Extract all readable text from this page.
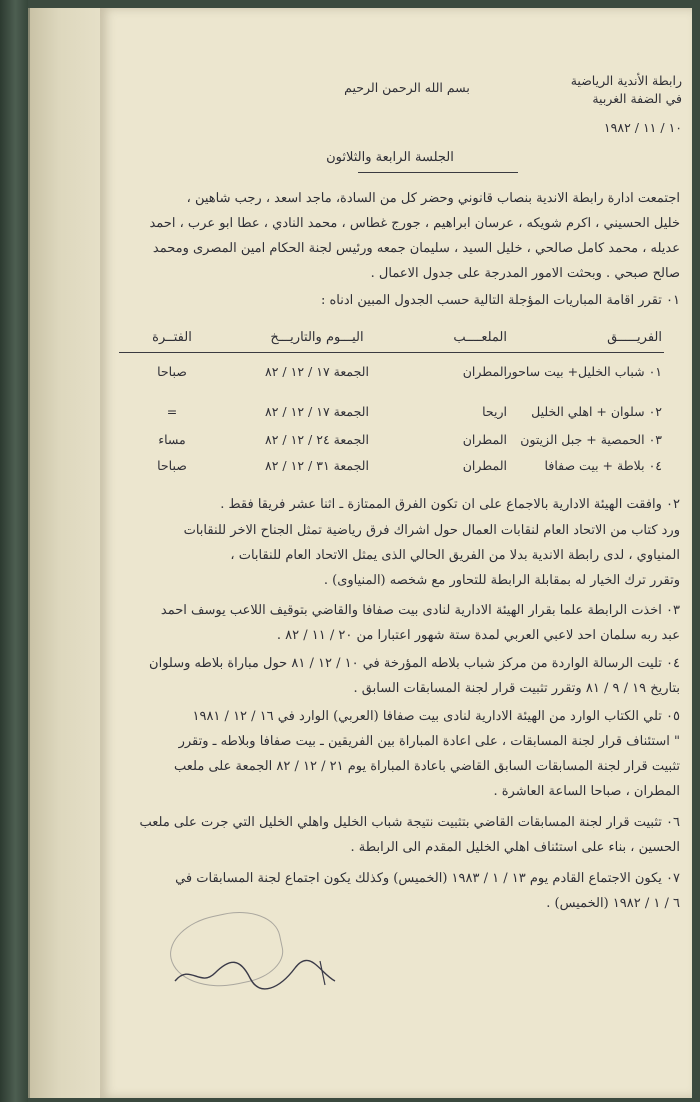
رابطة الأندية الرياضية
في الضفة الغربية
١٠ / ١١ / ١٩٨٢
بسم الله الرحمن الرحيم
الجلسة الرابعة والثلاثون
اجتمعت ادارة رابطة الاندية بنصاب قانوني وحضر كل من السادة، ماجد اسعد ، رجب شاهين ،
خليل الحسيني ، اكرم شويكه ، عرسان ابراهيم ، جورج غطاس ، محمد النادي ، عطا ابو عرب ، احمد
عديله ، محمد كامل صالحي ، خليل السيد ، سليمان جمعه ورئيس لجنة الحكام امين المصرى ومحمد
صالح صبحي . وبحثت الامور المدرجة على جدول الاعمال .
٠١ تقرر اقامة المباريات المؤجلة التالية حسب الجدول المبين ادناه :
الفريـــــق
الملعــــب
اليـــوم والتاريـــخ
الفتــرة
٠١ شباب الخليل+ بيت ساحور
المطران
الجمعة ١٧ / ١٢ / ٨٢
صباحا
٠٢ سلوان + اهلي الخليل
اريحا
الجمعة ١٧ / ١٢ / ٨٢
=
٠٣ الحمصية + جبل الزيتون
المطران
الجمعة ٢٤ / ١٢ / ٨٢
مساء
٠٤ بلاطة + بيت صفافا
المطران
الجمعة ٣١ / ١٢ / ٨٢
صباحا
٠٢ وافقت الهيئة الادارية بالاجماع على ان تكون الفرق الممتازة ـ اثنا عشر فريقا فقط .
ورد كتاب من الاتحاد العام لنقابات العمال حول اشراك فرق رياضية تمثل الجناح الاخر للنقابات
المنياوي ، لدى رابطة الاندية بدلا من الفريق الحالي الذى يمثل الاتحاد العام للنقابات ،
وتقرر ترك الخيار له بمقابلة الرابطة للتحاور مع شخصه (المنياوى) .
٠٣ اخذت الرابطة علما بقرار الهيئة الادارية لنادى بيت صفافا والقاضي بتوقيف اللاعب يوسف احمد
عبد ربه سلمان احد لاعبي العربي لمدة ستة شهور اعتبارا من ٢٠ / ١١ / ٨٢ .
٠٤ تليت الرسالة الواردة من مركز شباب بلاطه المؤرخة في ١٠ / ١٢ / ٨١ حول مباراة بلاطه وسلوان
بتاريخ ١٩ / ٩ / ٨١ وتقرر تثبيت قرار لجنة المسابقات السابق .
٠٥ تلي الكتاب الوارد من الهيئة الادارية لنادى بيت صفافا (العربي) الوارد في ١٦ / ١٢ / ١٩٨١
" استئناف قرار لجنة المسابقات ، على اعادة المباراة بين الفريقين ـ بيت صفافا وبلاطه ـ وتقرر
تثبيت قرار لجنة المسابقات السابق القاضي باعادة المباراة يوم ٢١ / ١٢ / ٨٢ الجمعة على ملعب
المطران ، صباحا الساعة العاشرة .
٠٦ تثبيت قرار لجنة المسابقات القاضي بتثبيت نتيجة شباب الخليل واهلي الخليل التي جرت على ملعب
الحسين ، بناء على استئناف اهلي الخليل المقدم الى الرابطة .
٠٧ يكون الاجتماع القادم يوم ١٣ / ١ / ١٩٨٣ (الخميس) وكذلك يكون اجتماع لجنة المسابقات في
٦ / ١ / ١٩٨٢ (الخميس) .
